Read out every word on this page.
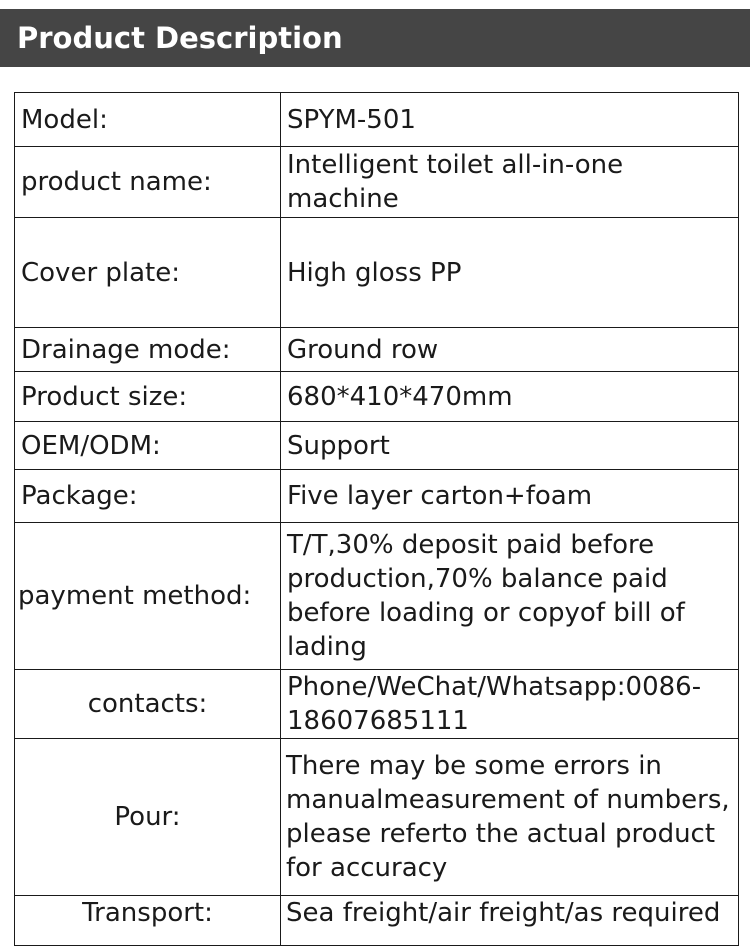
Product Description
Model:	SPYM-501
product name:	Intelligent toilet all-in-one machine
Cover plate:	High gloss PP
Drainage mode:	Ground row
Product size:	680*410*470mm
OEM/ODM:	Support
Package:	Five layer carton+foam
payment method:	T/T,30% deposit paid before production,70% balance paid before loading or copyof bill of lading
contacts:	Phone/WeChat/Whatsapp:0086-18607685111
Pour:	There may be some errors in manualmeasurement of numbers, please referto the actual product for accuracy
Transport:	Sea freight/air freight/as required
